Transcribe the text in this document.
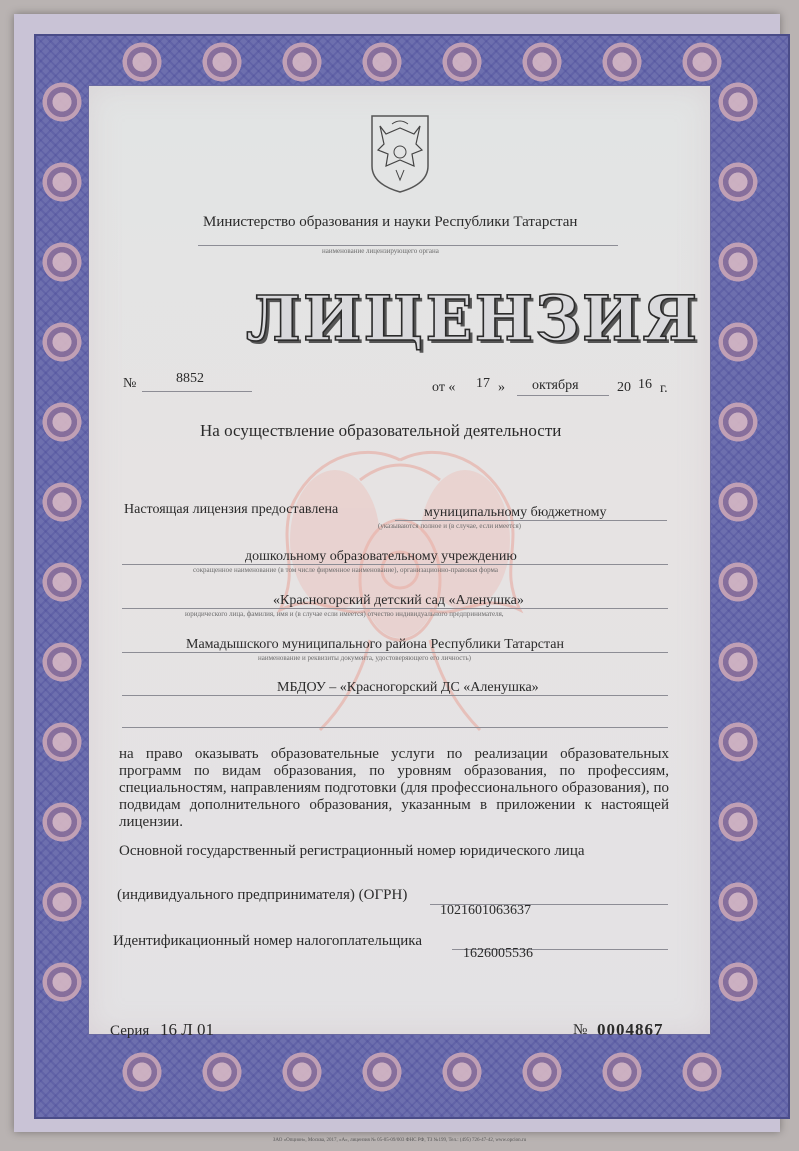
Министерство образования и науки Республики Татарстан
наименование лицензирующего органа
ЛИЦЕНЗИЯ
№	8852
от « 17 » октября	20 16 г.
На осуществление образовательной деятельности
Настоящая лицензия предоставлена	муниципальному бюджетному
(указываются полное и (в случае, если имеется)
дошкольному образовательному учреждению
сокращенное наименование (в том числе фирменное наименование), организационно-правовая форма
«Красногорский детский сад «Аленушка»
юридического лица, фамилия, имя и (в случае если имеется) отчество индивидуального предпринимателя,
Мамадышского муниципального района Республики Татарстан
наименование и реквизиты документа, удостоверяющего его личность)
МБДОУ – «Красногорский ДС «Аленушка»
на право оказывать образовательные услуги по реализации образовательных программ по видам образования, по уровням образования, по профессиям, специальностям, направлениям подготовки (для профессионального образования), по подвидам дополнительного образования, указанным в приложении к настоящей лицензии.
Основной государственный регистрационный номер юридического лица
(индивидуального предпринимателя) (ОГРН)
1021601063637
Идентификационный номер налогоплательщика
1626005536
Серия 16 Л 01	№ 0004867
ЗАО «Опцион», Москва, 2017, «А», лицензия № 05-05-09/003 ФНС РФ, ТЗ №199, Тел.: (495) 726-47-42, www.opcion.ru
